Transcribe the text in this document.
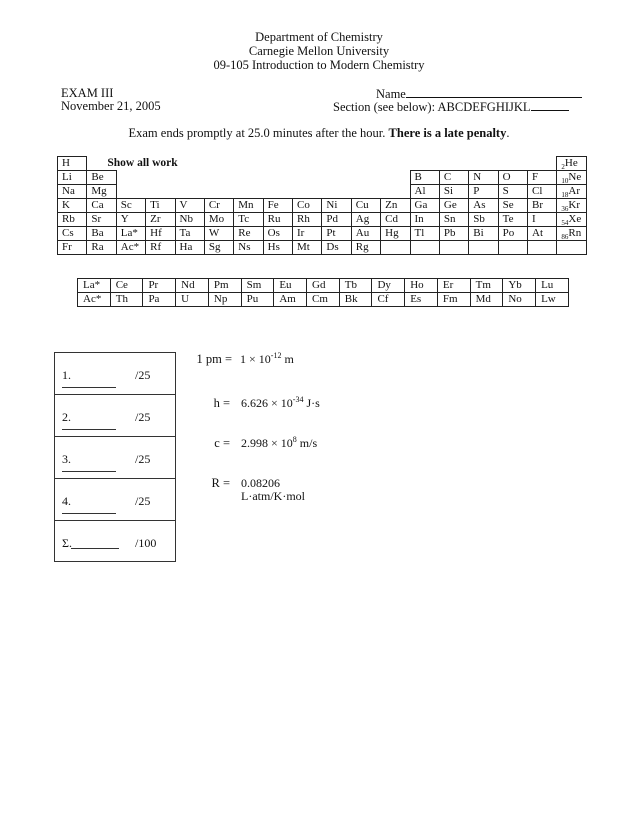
Department of Chemistry
Carnegie Mellon University
09-105 Introduction to Modern Chemistry
EXAM III
November 21, 2005
Name
Section (see below): ABCDEFGHIJKL
Exam ends promptly at 25.0 minutes after the hour. There is a late penalty.
H	Show all work																$_2$He
Li	Be											B	C	N	O	F	$_{10}$Ne
Na	Mg											Al	Si	P	S	Cl	$_{18}$Ar
K	Ca	Sc	Ti	V	Cr	Mn	Fe	Co	Ni	Cu	Zn	Ga	Ge	As	Se	Br	$_{36}$Kr
Rb	Sr	Y	Zr	Nb	Mo	Tc	Ru	Rh	Pd	Ag	Cd	In	Sn	Sb	Te	I	$_{54}$Xe
Cs	Ba	La*	Hf	Ta	W	Re	Os	Ir	Pt	Au	Hg	Tl	Pb	Bi	Po	At	$_{86}$Rn
Fr	Ra	Ac*	Rf	Ha	Sg	Ns	Hs	Mt	Ds	Rg							
La*	Ce	Pr	Nd	Pm	Sm	Eu	Gd	Tb	Dy	Ho	Er	Tm	Yb	Lu
Ac*	Th	Pa	U	Np	Pu	Am	Cm	Bk	Cf	Es	Fm	Md	No	Lw
1.	/25
2.	/25
3.	/25
4.	/25
Σ.	/100
1 pm = $1 \times 10^{-12}$ m
$h = 6.626 \times 10^{-34}$ J·s
$c = 2.998 \times 10^8$ m/s
R = 0.08206
L·atm/K·mol
